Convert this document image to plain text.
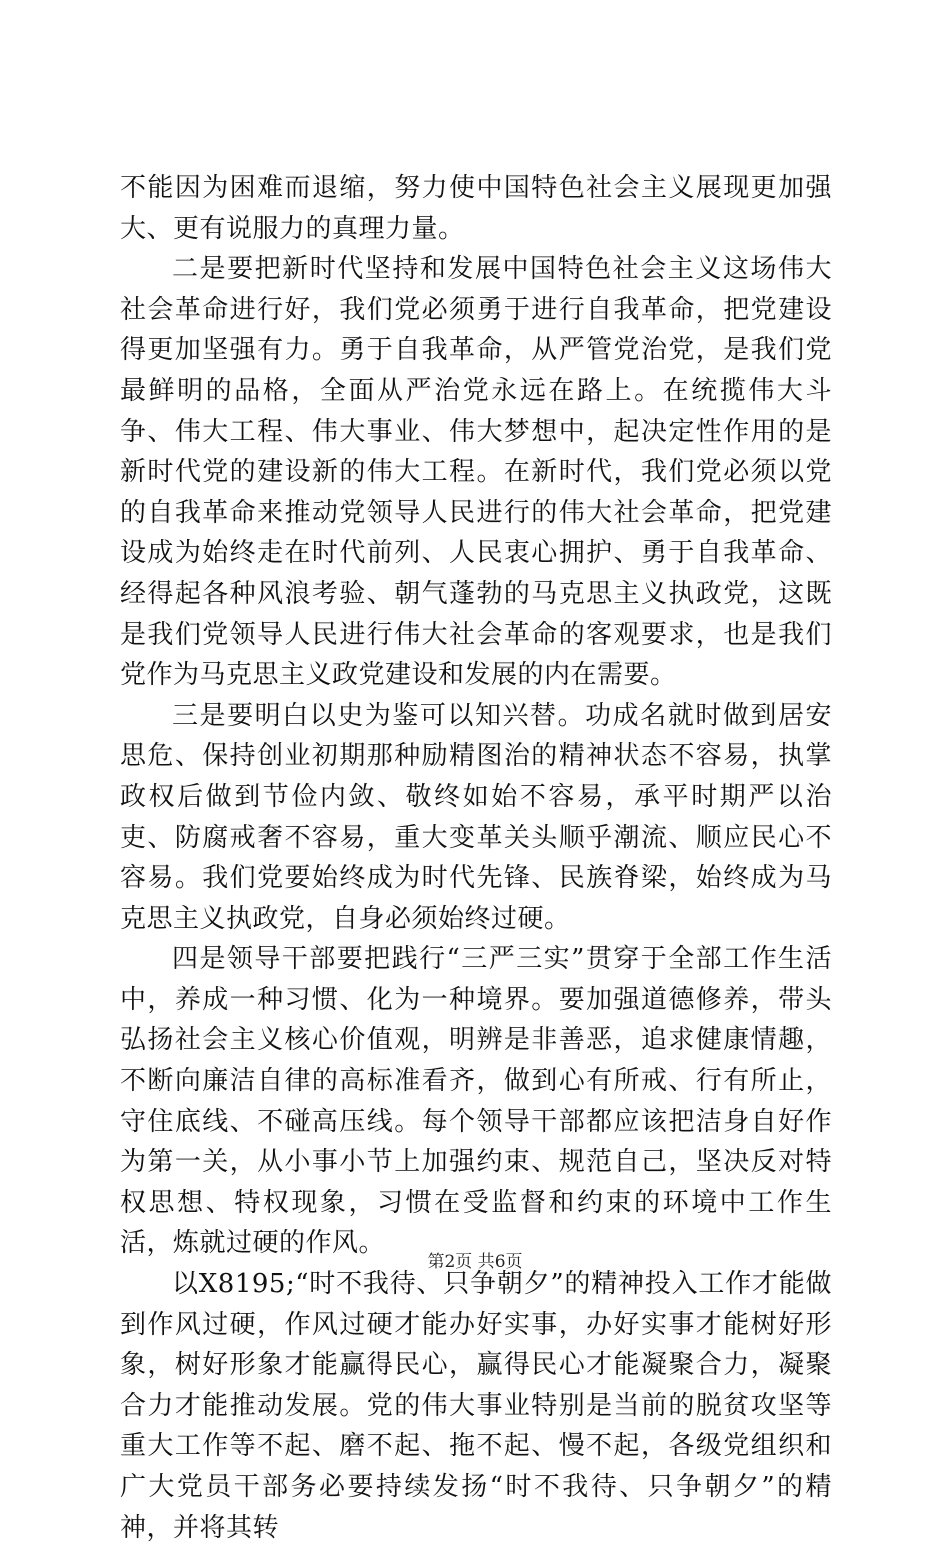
不能因为困难而退缩，努力使中国特色社会主义展现更加强大、更有说服力的真理力量。

二是要把新时代坚持和发展中国特色社会主义这场伟大社会革命进行好，我们党必须勇于进行自我革命，把党建设得更加坚强有力。勇于自我革命，从严管党治党，是我们党最鲜明的品格，全面从严治党永远在路上。在统揽伟大斗争、伟大工程、伟大事业、伟大梦想中，起决定性作用的是新时代党的建设新的伟大工程。在新时代，我们党必须以党的自我革命来推动党领导人民进行的伟大社会革命，把党建设成为始终走在时代前列、人民衷心拥护、勇于自我革命、经得起各种风浪考验、朝气蓬勃的马克思主义执政党，这既是我们党领导人民进行伟大社会革命的客观要求，也是我们党作为马克思主义政党建设和发展的内在需要。

三是要明白以史为鉴可以知兴替。功成名就时做到居安思危、保持创业初期那种励精图治的精神状态不容易，执掌政权后做到节俭内敛、敬终如始不容易，承平时期严以治吏、防腐戒奢不容易，重大变革关头顺乎潮流、顺应民心不容易。我们党要始终成为时代先锋、民族脊梁，始终成为马克思主义执政党，自身必须始终过硬。

四是领导干部要把践行“三严三实”贯穿于全部工作生活中，养成一种习惯、化为一种境界。要加强道德修养，带头弘扬社会主义核心价值观，明辨是非善恶，追求健康情趣，不断向廉洁自律的高标准看齐，做到心有所戒、行有所止，守住底线、不碰高压线。每个领导干部都应该把洁身自好作为第一关，从小事小节上加强约束、规范自己，坚决反对特权思想、特权现象，习惯在受监督和约束的环境中工作生活，炼就过硬的作风。

以X8195;“时不我待、只争朝夕”的精神投入工作才能做到作风过硬，作风过硬才能办好实事，办好实事才能树好形象，树好形象才能赢得民心，赢得民心才能凝聚合力，凝聚合力才能推动发展。党的伟大事业特别是当前的脱贫攻坚等重大工作等不起、磨不起、拖不起、慢不起，各级党组织和广大党员干部务必要持续发扬“时不我待、只争朝夕”的精神，并将其转

第2页 共6页
